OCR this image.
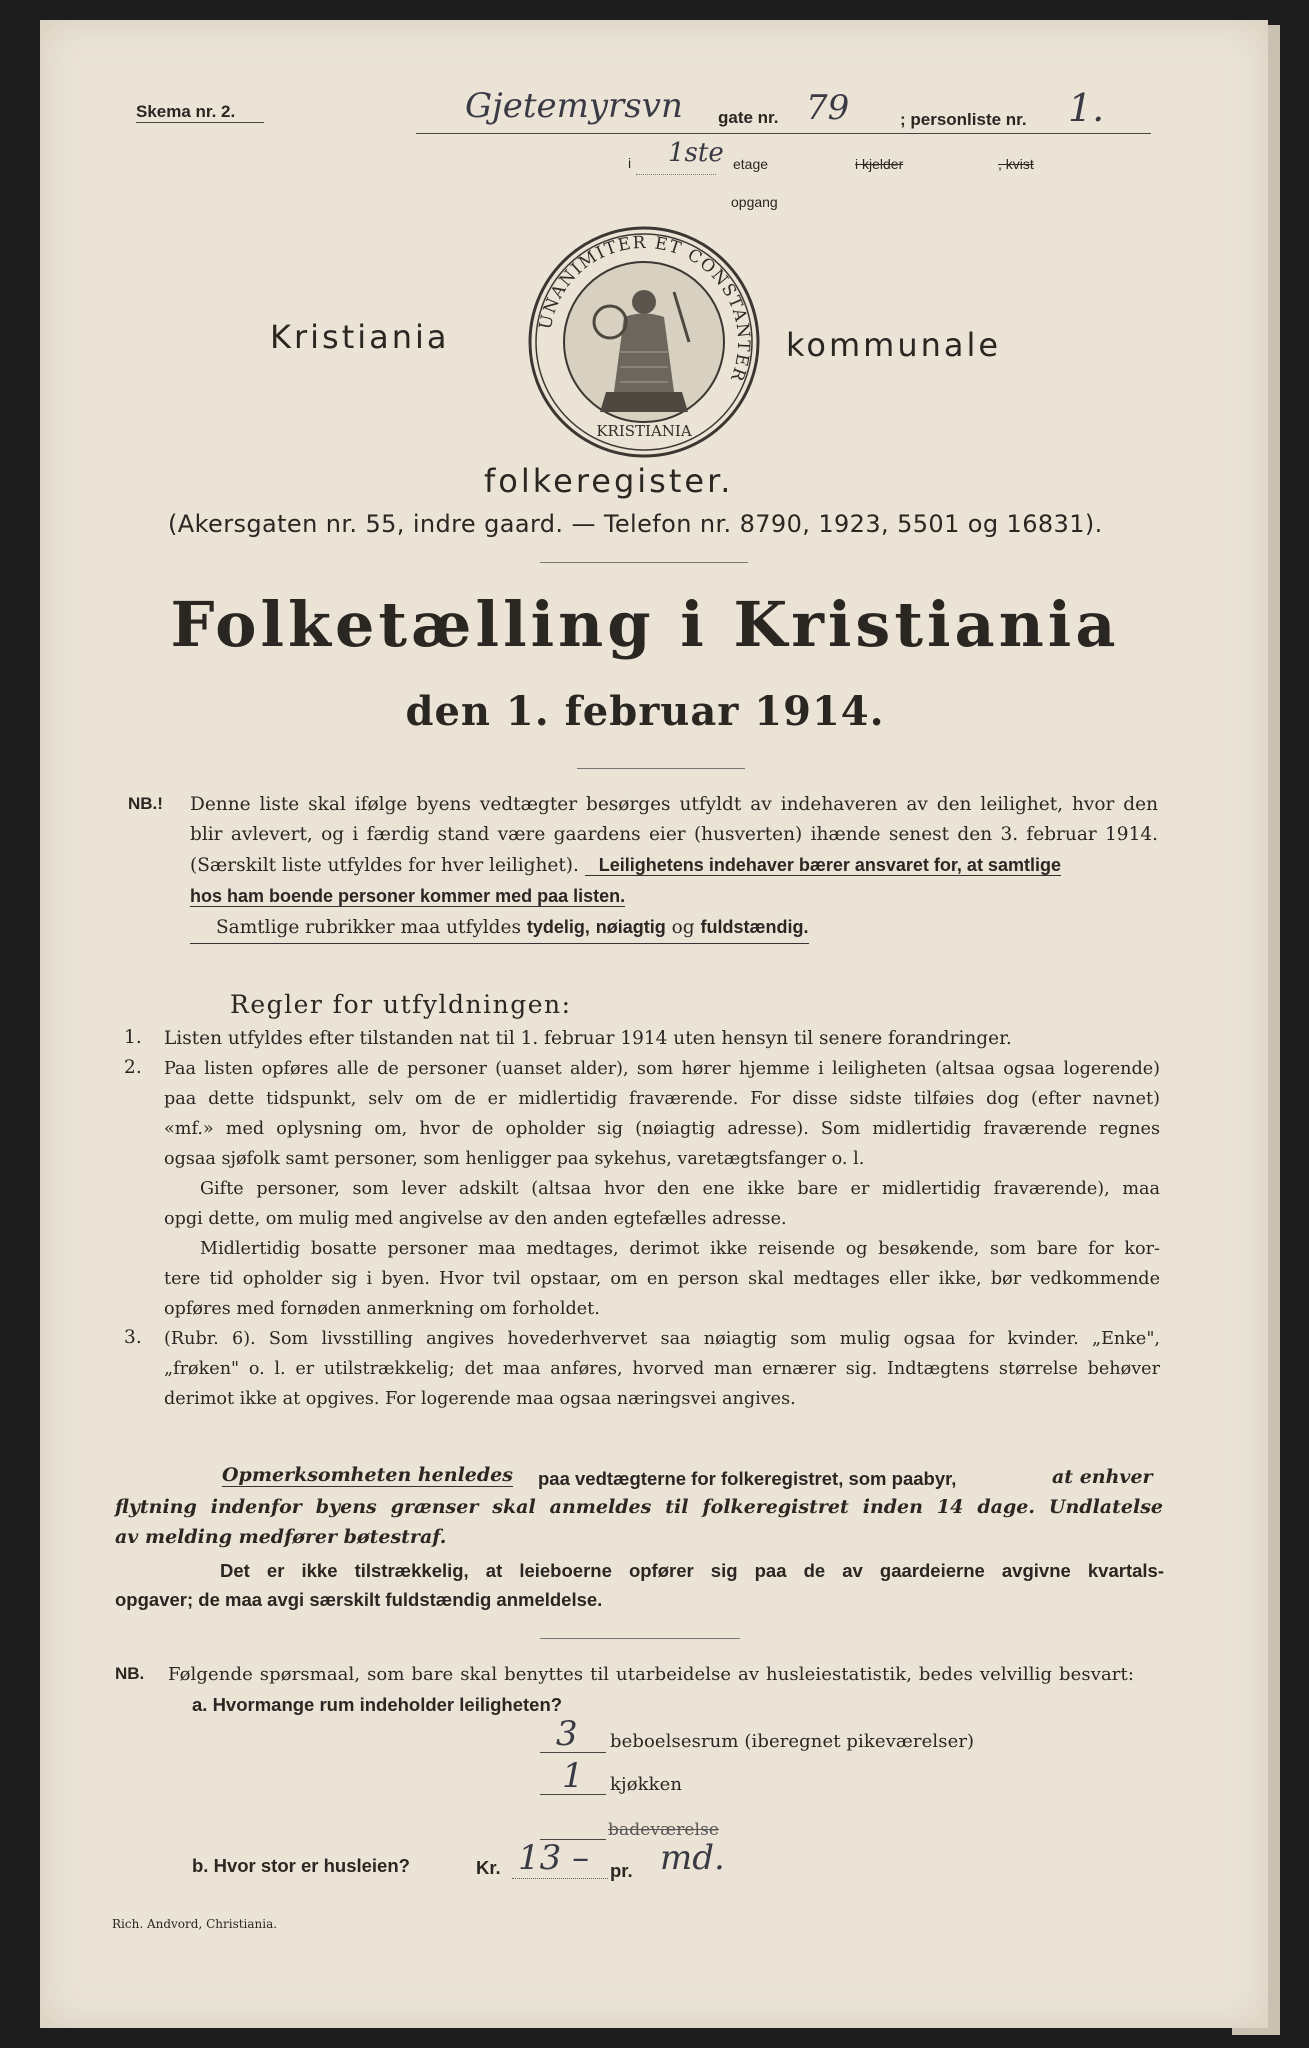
Skema nr. 2.	Gjetemyrsvn gate nr. 79	; personliste nr. 1.
i 1ste etage	i kjelder	, kvist
opgang
Kristiania	kommunale
UNANIMITER ET CONSTANTER
KRISTIANIA
folkeregister.
(Akersgaten nr. 55, indre gaard. — Telefon nr. 8790, 1923, 5501 og 16831).
Folketælling i Kristiania
den 1. februar 1914.
NB.! Denne liste skal ifølge byens vedtægter besørges utfyldt av indehaveren av den leilighet, hvor den
blir avlevert, og i færdig stand være gaardens eier (husverten) ihænde senest den 3. februar 1914.
(Særskilt liste utfyldes for hver leilighet). Leilighetens indehaver bærer ansvaret for, at samtlige
hos ham boende personer kommer med paa listen.
Samtlige rubrikker maa utfyldes tydelig, nøiagtig og fuldstændig.
Regler for utfyldningen:
1. Listen utfyldes efter tilstanden nat til 1. februar 1914 uten hensyn til senere forandringer.
2. Paa listen opføres alle de personer (uanset alder), som hører hjemme i leiligheten (altsaa ogsaa logerende)
paa dette tidspunkt, selv om de er midlertidig fraværende. For disse sidste tilføies dog (efter navnet)
«mf.» med oplysning om, hvor de opholder sig (nøiagtig adresse). Som midlertidig fraværende regnes
ogsaa sjøfolk samt personer, som henligger paa sykehus, varetægtsfanger o. l.
Gifte personer, som lever adskilt (altsaa hvor den ene ikke bare er midlertidig fraværende), maa
opgi dette, om mulig med angivelse av den anden egtefælles adresse.
Midlertidig bosatte personer maa medtages, derimot ikke reisende og besøkende, som bare for kor-
tere tid opholder sig i byen. Hvor tvil opstaar, om en person skal medtages eller ikke, bør vedkommende
opføres med fornøden anmerkning om forholdet.
3. (Rubr. 6). Som livsstilling angives hovederhvervet saa nøiagtig som mulig ogsaa for kvinder. „Enke",
„frøken" o. l. er utilstrækkelig; det maa anføres, hvorved man ernærer sig. Indtægtens størrelse behøver
derimot ikke at opgives. For logerende maa ogsaa næringsvei angives.
Opmerksomheten henledes paa vedtægterne for folkeregistret, som paabyr,	at enhver
flytning indenfor byens grænser skal anmeldes til folkeregistret inden 14 dage. Undlatelse
av melding medfører bøtestraf.
Det er ikke tilstrækkelig, at leieboerne opfører sig paa de av gaardeierne avgivne kvartals-
opgaver; de maa avgi særskilt fuldstændig anmeldelse.
NB. Følgende spørsmaal, som bare skal benyttes til utarbeidelse av husleiestatistik, bedes velvillig besvart:
a. Hvormange rum indeholder leiligheten?
3 beboelsesrum (iberegnet pikeværelser)
1 kjøkken
badeværelse
b. Hvor stor er husleien?	Kr. 13 – pr. md.
Rich. Andvord, Christiania.
